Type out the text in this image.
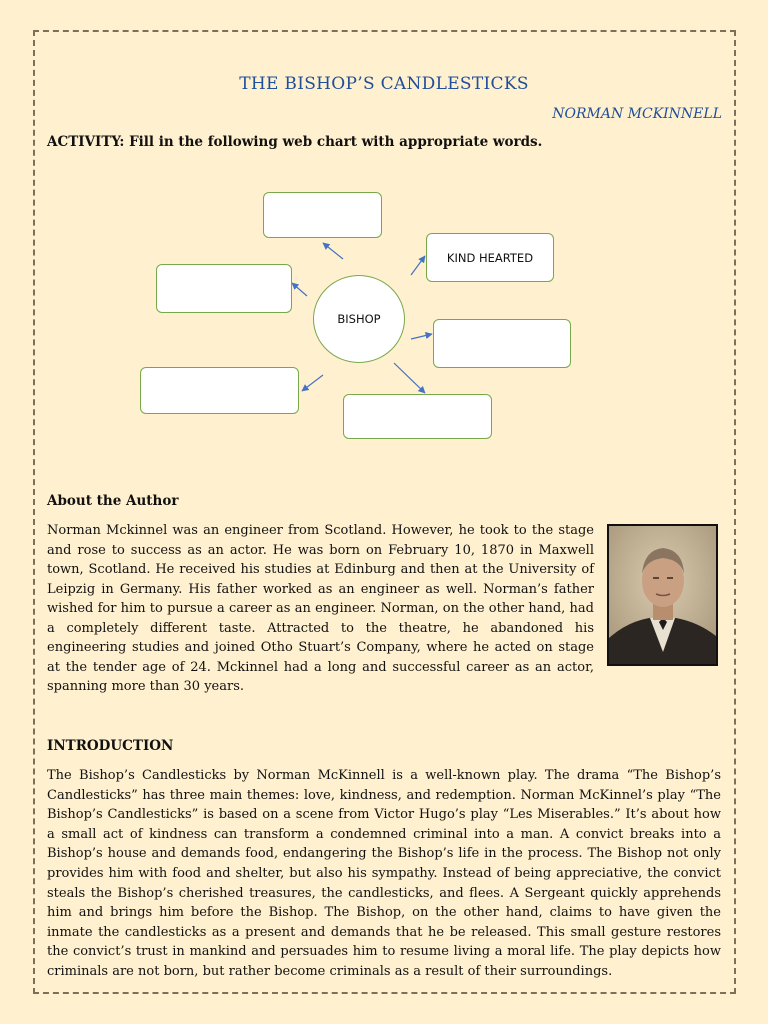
THE BISHOP’S CANDLESTICKS
NORMAN MCKINNELL
ACTIVITY: Fill in the following web chart with appropriate words.
KIND HEARTED
BISHOP
About the Author

Norman Mckinnel was an engineer from Scotland. However, he took to the stage and rose to success as an actor. He was born on February 10, 1870 in Maxwell town, Scotland. He received his studies at Edinburg and then at the University of Leipzig in Germany. His father worked as an engineer as well. Norman’s father wished for him to pursue a career as an engineer. Norman, on the other hand, had a completely different taste. Attracted to the theatre, he abandoned his engineering studies and joined Otho Stuart’s Company, where he acted on stage at the tender age of 24. Mckinnel had a long and successful career as an actor, spanning more than 30 years.

INTRODUCTION

The Bishop’s Candlesticks by Norman McKinnell is a well-known play. The drama “The Bishop’s Candlesticks” has three main themes: love, kindness, and redemption. Norman McKinnel’s play “The Bishop’s Candlesticks” is based on a scene from Victor Hugo’s play “Les Miserables.” It’s about how a small act of kindness can transform a condemned criminal into a man. A convict breaks into a Bishop’s house and demands food, endangering the Bishop’s life in the process. The Bishop not only provides him with food and shelter, but also his sympathy. Instead of being appreciative, the convict steals the Bishop’s cherished treasures, the candlesticks, and flees. A Sergeant quickly apprehends him and brings him before the Bishop. The Bishop, on the other hand, claims to have given the inmate the candlesticks as a present and demands that he be released. This small gesture restores the convict’s trust in mankind and persuades him to resume living a moral life. The play depicts how criminals are not born, but rather become criminals as a result of their surroundings.
